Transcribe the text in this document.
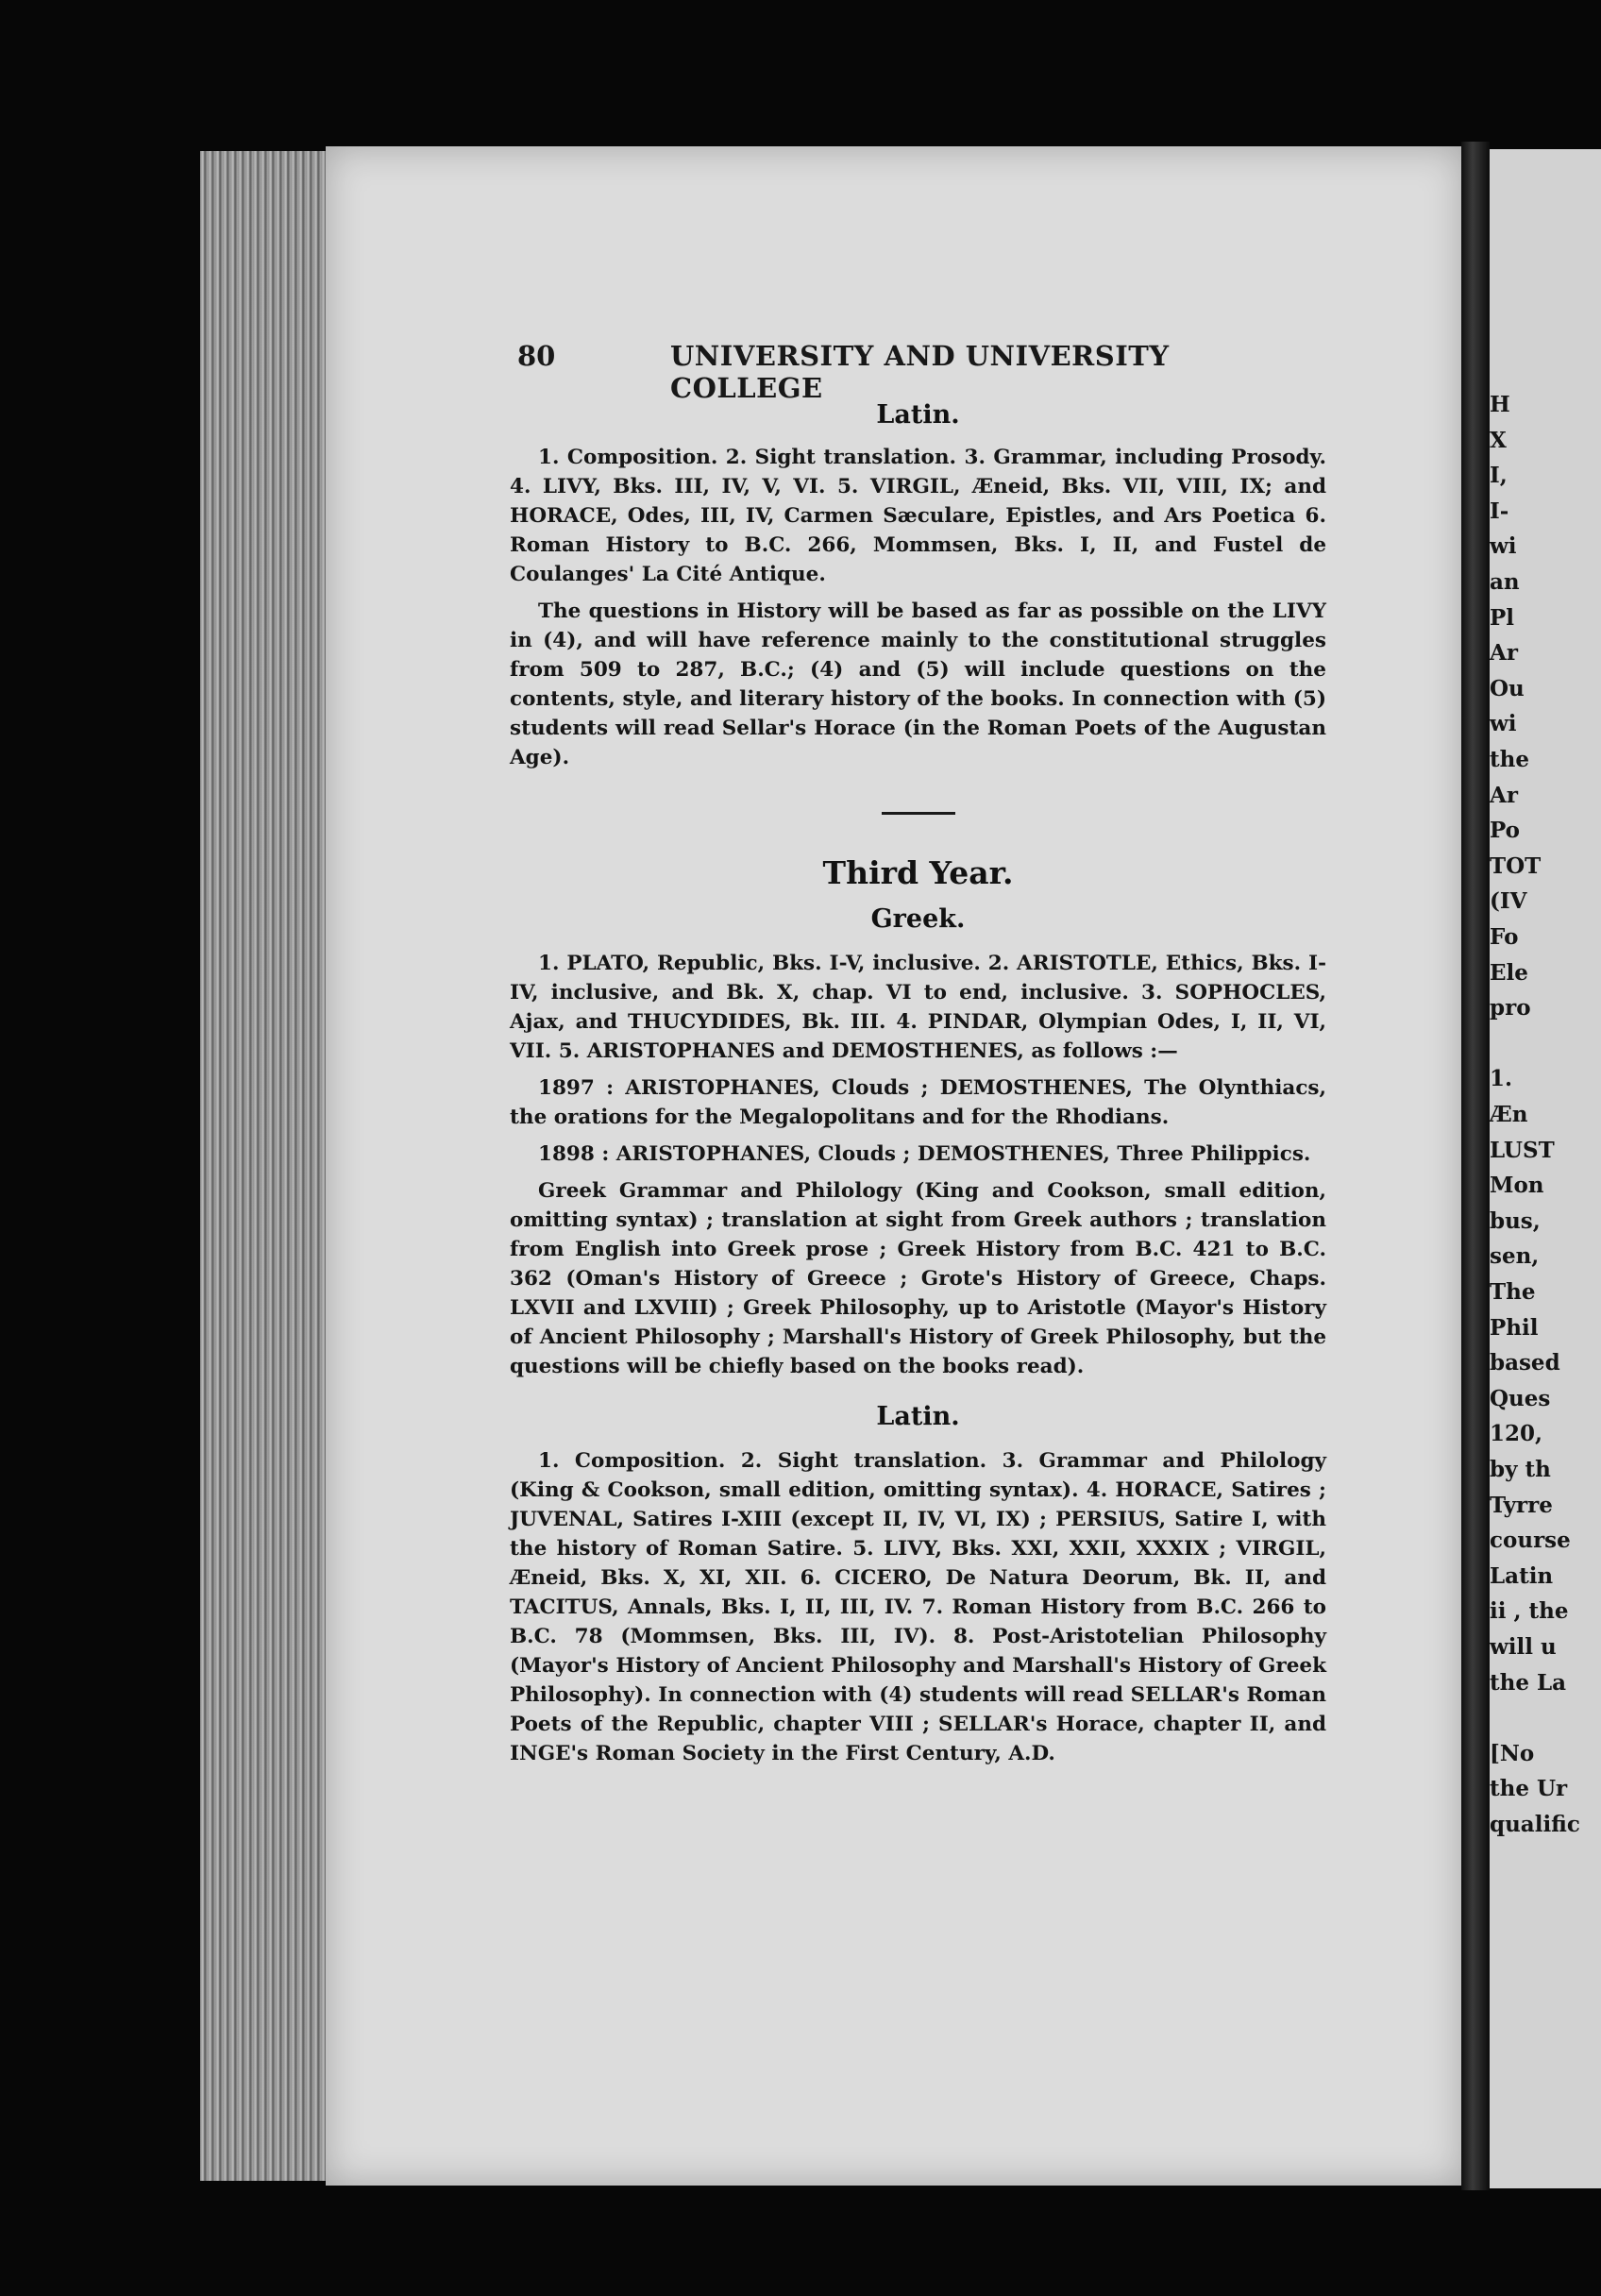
H
X
I,
I-
wi
an
Pl
Ar
Ou
wi
the
Ar
Po
TOT
(IV
Fo
Ele
pro
1.
Æn
LUST
Mon
bus,
sen,
The
Phil
based
Ques
120,
by th
Tyrre
course
Latin
ii , the
will u
the La
[No
the Ur
qualific
80	UNIVERSITY AND UNIVERSITY COLLEGE
Latin.

1. Composition. 2. Sight translation. 3. Grammar, including Prosody. 4. LIVY, Bks. III, IV, V, VI. 5. VIRGIL, Æneid, Bks. VII, VIII, IX; and HORACE, Odes, III, IV, Carmen Sæculare, Epistles, and Ars Poetica 6. Roman History to B.C. 266, Mommsen, Bks. I, II, and Fustel de Coulanges' La Cité Antique.

The questions in History will be based as far as possible on the LIVY in (4), and will have reference mainly to the constitutional struggles from 509 to 287, B.C.; (4) and (5) will include questions on the contents, style, and literary history of the books. In connection with (5) students will read Sellar's Horace (in the Roman Poets of the Augustan Age).

Third Year.
Greek.

1. PLATO, Republic, Bks. I-V, inclusive. 2. ARISTOTLE, Ethics, Bks. I-IV, inclusive, and Bk. X, chap. VI to end, inclusive. 3. SOPHOCLES, Ajax, and THUCYDIDES, Bk. III. 4. PINDAR, Olympian Odes, I, II, VI, VII. 5. ARISTOPHANES and DEMOSTHENES, as follows :—

1897 : ARISTOPHANES, Clouds ; DEMOSTHENES, The Olynthiacs, the orations for the Megalopolitans and for the Rhodians.

1898 : ARISTOPHANES, Clouds ; DEMOSTHENES, Three Philippics.

Greek Grammar and Philology (King and Cookson, small edition, omitting syntax) ; translation at sight from Greek authors ; translation from English into Greek prose ; Greek History from B.C. 421 to B.C. 362 (Oman's History of Greece ; Grote's History of Greece, Chaps. LXVII and LXVIII) ; Greek Philosophy, up to Aristotle (Mayor's History of Ancient Philosophy ; Marshall's History of Greek Philosophy, but the questions will be chiefly based on the books read).

Latin.

1. Composition. 2. Sight translation. 3. Grammar and Philology (King & Cookson, small edition, omitting syntax). 4. HORACE, Satires ; JUVENAL, Satires I-XIII (except II, IV, VI, IX) ; PERSIUS, Satire I, with the history of Roman Satire. 5. LIVY, Bks. XXI, XXII, XXXIX ; VIRGIL, Æneid, Bks. X, XI, XII. 6. CICERO, De Natura Deorum, Bk. II, and TACITUS, Annals, Bks. I, II, III, IV. 7. Roman History from B.C. 266 to B.C. 78 (Mommsen, Bks. III, IV). 8. Post-Aristotelian Philosophy (Mayor's History of Ancient Philosophy and Marshall's History of Greek Philosophy). In connection with (4) students will read SELLAR's Roman Poets of the Republic, chapter VIII ; SELLAR's Horace, chapter II, and INGE's Roman Society in the First Century, A.D.
